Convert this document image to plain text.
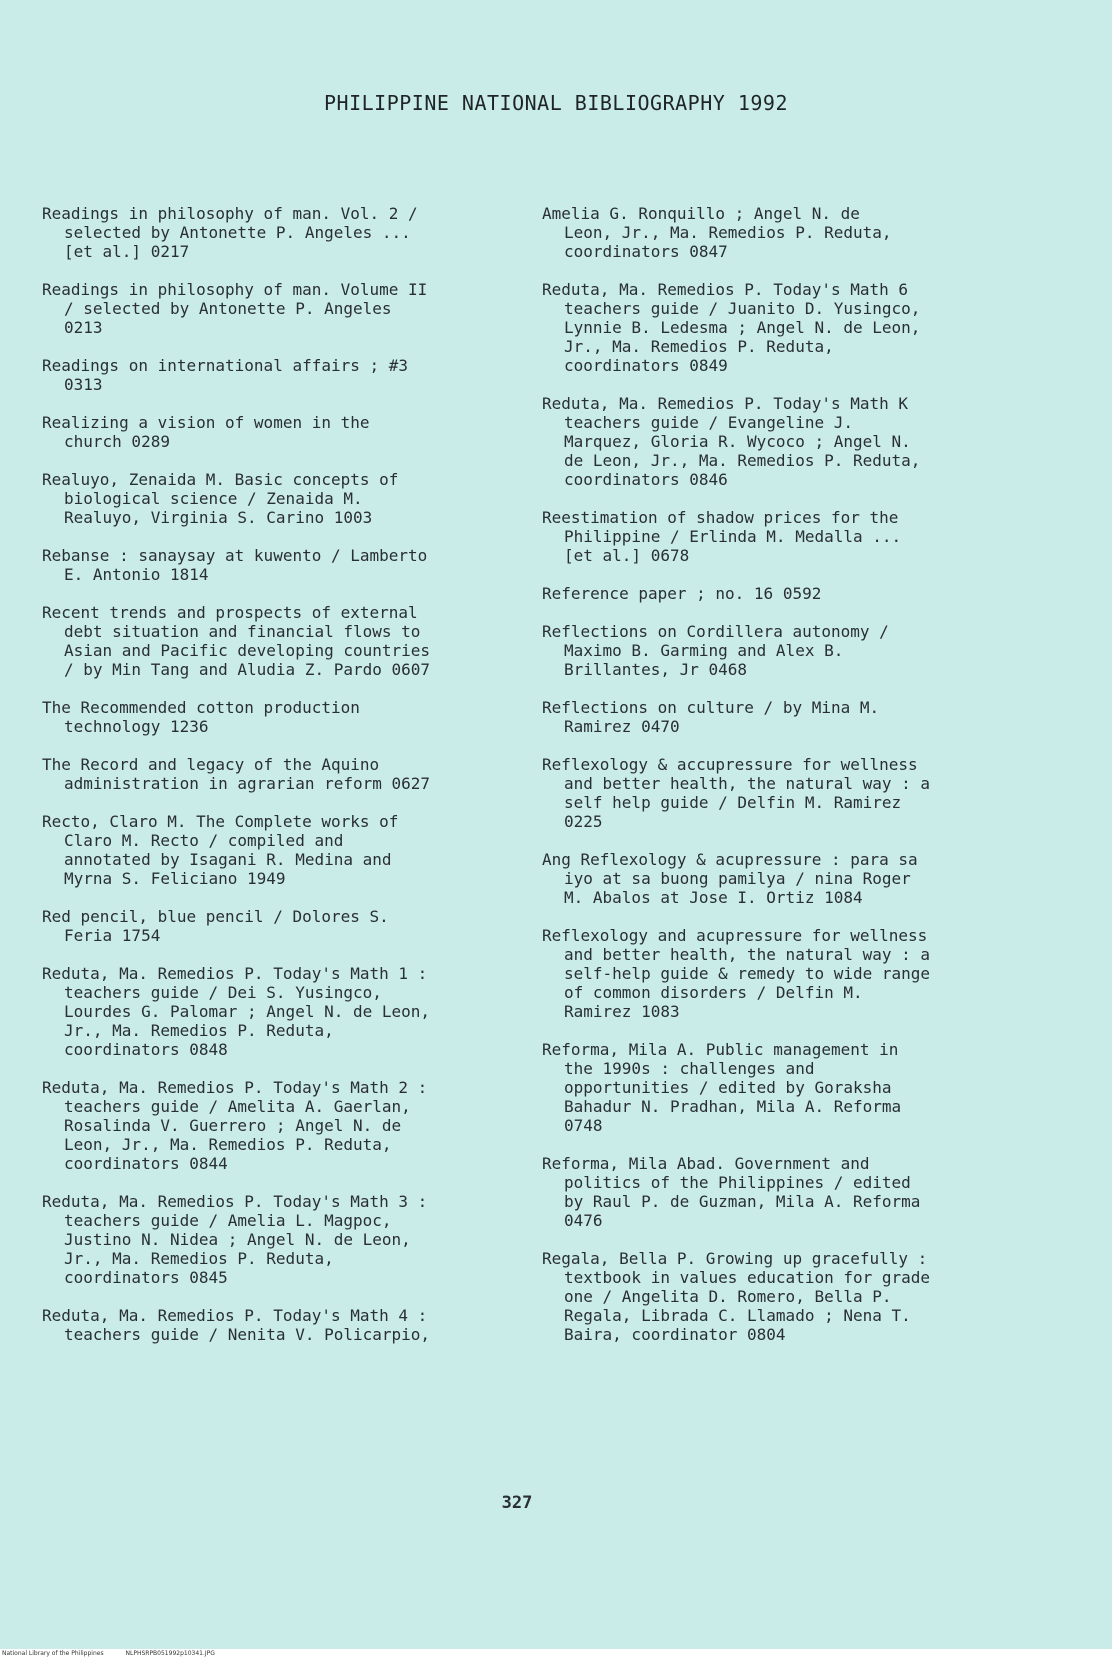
PHILIPPINE NATIONAL BIBLIOGRAPHY 1992
Readings in philosophy of man. Vol. 2 /
selected by Antonette P. Angeles ...
[et al.] 0217
Readings in philosophy of man. Volume II
/ selected by Antonette P. Angeles
0213
Readings on international affairs ; #3
0313
Realizing a vision of women in the
church 0289
Realuyo, Zenaida M. Basic concepts of
biological science / Zenaida M.
Realuyo, Virginia S. Carino 1003
Rebanse : sanaysay at kuwento / Lamberto
E. Antonio 1814
Recent trends and prospects of external
debt situation and financial flows to
Asian and Pacific developing countries
/ by Min Tang and Aludia Z. Pardo 0607
The Recommended cotton production
technology 1236
The Record and legacy of the Aquino
administration in agrarian reform 0627
Recto, Claro M. The Complete works of
Claro M. Recto / compiled and
annotated by Isagani R. Medina and
Myrna S. Feliciano 1949
Red pencil, blue pencil / Dolores S.
Feria 1754
Reduta, Ma. Remedios P. Today's Math 1 :
teachers guide / Dei S. Yusingco,
Lourdes G. Palomar ; Angel N. de Leon,
Jr., Ma. Remedios P. Reduta,
coordinators 0848
Reduta, Ma. Remedios P. Today's Math 2 :
teachers guide / Amelita A. Gaerlan,
Rosalinda V. Guerrero ; Angel N. de
Leon, Jr., Ma. Remedios P. Reduta,
coordinators 0844
Reduta, Ma. Remedios P. Today's Math 3 :
teachers guide / Amelia L. Magpoc,
Justino N. Nidea ; Angel N. de Leon,
Jr., Ma. Remedios P. Reduta,
coordinators 0845
Reduta, Ma. Remedios P. Today's Math 4 :
teachers guide / Nenita V. Policarpio,
Amelia G. Ronquillo ; Angel N. de
Leon, Jr., Ma. Remedios P. Reduta,
coordinators 0847
Reduta, Ma. Remedios P. Today's Math 6
teachers guide / Juanito D. Yusingco,
Lynnie B. Ledesma ; Angel N. de Leon,
Jr., Ma. Remedios P. Reduta,
coordinators 0849
Reduta, Ma. Remedios P. Today's Math K
teachers guide / Evangeline J.
Marquez, Gloria R. Wycoco ; Angel N.
de Leon, Jr., Ma. Remedios P. Reduta,
coordinators 0846
Reestimation of shadow prices for the
Philippine / Erlinda M. Medalla ...
[et al.] 0678
Reference paper ; no. 16 0592
Reflections on Cordillera autonomy /
Maximo B. Garming and Alex B.
Brillantes, Jr 0468
Reflections on culture / by Mina M.
Ramirez 0470
Reflexology & accupressure for wellness
and better health, the natural way : a
self help guide / Delfin M. Ramirez
0225
Ang Reflexology & acupressure : para sa
iyo at sa buong pamilya / nina Roger
M. Abalos at Jose I. Ortiz 1084
Reflexology and acupressure for wellness
and better health, the natural way : a
self-help guide & remedy to wide range
of common disorders / Delfin M.
Ramirez 1083
Reforma, Mila A. Public management in
the 1990s : challenges and
opportunities / edited by Goraksha
Bahadur N. Pradhan, Mila A. Reforma
0748
Reforma, Mila Abad. Government and
politics of the Philippines / edited
by Raul P. de Guzman, Mila A. Reforma
0476
Regala, Bella P. Growing up gracefully :
textbook in values education for grade
one / Angelita D. Romero, Bella P.
Regala, Librada C. Llamado ; Nena T.
Baira, coordinator 0804
327
National Library of the Philippines	NLPHSRPB051992p10341.JPG
